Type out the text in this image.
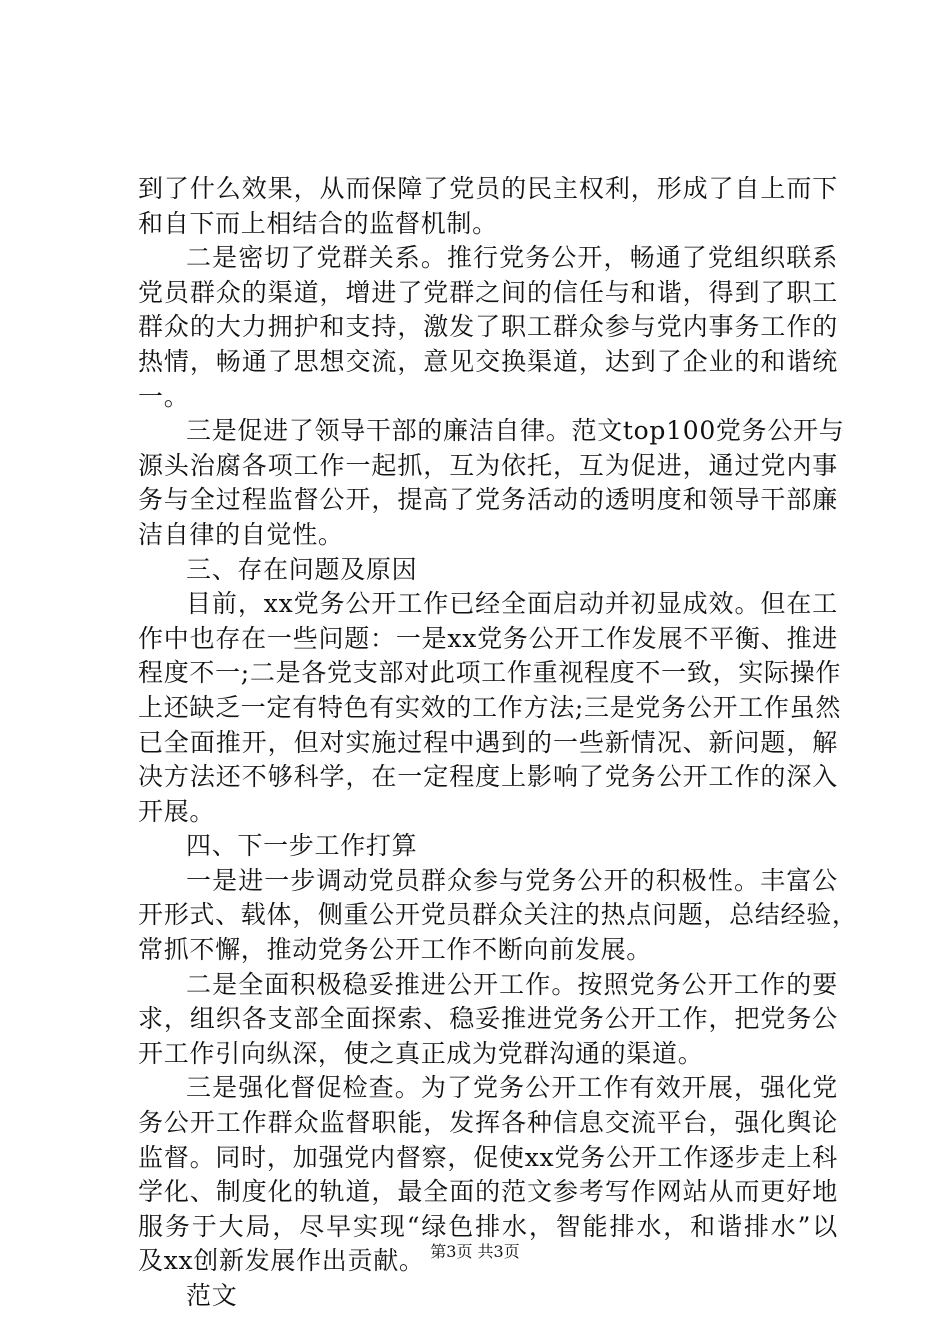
到了什么效果，从而保障了党员的民主权利，形成了自上而下
和自下而上相结合的监督机制。
二是密切了党群关系。推行党务公开，畅通了党组织联系
党员群众的渠道，增进了党群之间的信任与和谐，得到了职工
群众的大力拥护和支持，激发了职工群众参与党内事务工作的
热情，畅通了思想交流，意见交换渠道，达到了企业的和谐统
一。
三是促进了领导干部的廉洁自律。范文top100党务公开与
源头治腐各项工作一起抓，互为依托，互为促进，通过党内事
务与全过程监督公开，提高了党务活动的透明度和领导干部廉
洁自律的自觉性。
三、存在问题及原因
目前，xx党务公开工作已经全面启动并初显成效。但在工
作中也存在一些问题：一是xx党务公开工作发展不平衡、推进
程度不一;二是各党支部对此项工作重视程度不一致，实际操作
上还缺乏一定有特色有实效的工作方法;三是党务公开工作虽然
已全面推开，但对实施过程中遇到的一些新情况、新问题，解
决方法还不够科学，在一定程度上影响了党务公开工作的深入
开展。
四、下一步工作打算
一是进一步调动党员群众参与党务公开的积极性。丰富公
开形式、载体，侧重公开党员群众关注的热点问题，总结经验，
常抓不懈，推动党务公开工作不断向前发展。
二是全面积极稳妥推进公开工作。按照党务公开工作的要
求，组织各支部全面探索、稳妥推进党务公开工作，把党务公
开工作引向纵深，使之真正成为党群沟通的渠道。
三是强化督促检查。为了党务公开工作有效开展，强化党
务公开工作群众监督职能，发挥各种信息交流平台，强化舆论
监督。同时，加强党内督察，促使xx党务公开工作逐步走上科
学化、制度化的轨道，最全面的范文参考写作网站从而更好地
服务于大局，尽早实现“绿色排水，智能排水，和谐排水”以
及xx创新发展作出贡献。
范文
第3页 共3页
